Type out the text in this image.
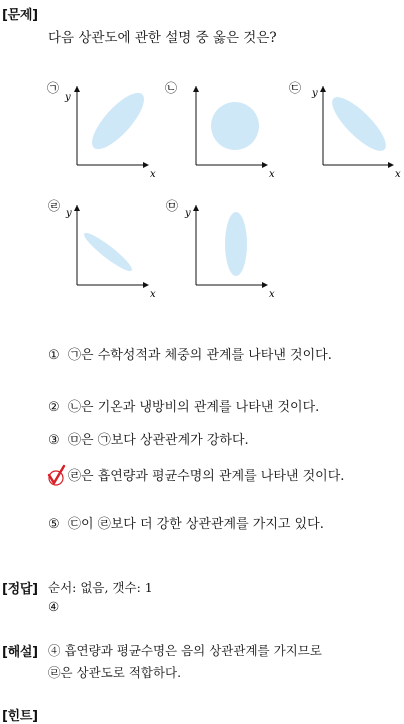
[문제]
다음 상관도에 관한 설명 중 옳은 것은?
㉠
y
x
㉡
x
㉢ y
x
㉣
y
x
㉤
y
x
① ㉠은 수학성적과 체중의 관계를 나타낸 것이다.
② ㉡은 기온과 냉방비의 관계를 나타낸 것이다.
③ ㉤은 ㉠보다 상관관계가 강하다.
㉣은 흡연량과 평균수명의 관계를 나타낸 것이다.
⑤ ㉢이 ㉣보다 더 강한 상관관계를 가지고 있다.
[정답] 순서: 없음, 갯수: 1
④
[해설] ④ 흡연량과 평균수명은 음의 상관관계를 가지므로
㉣은 상관도로 적합하다.
[힌트]
